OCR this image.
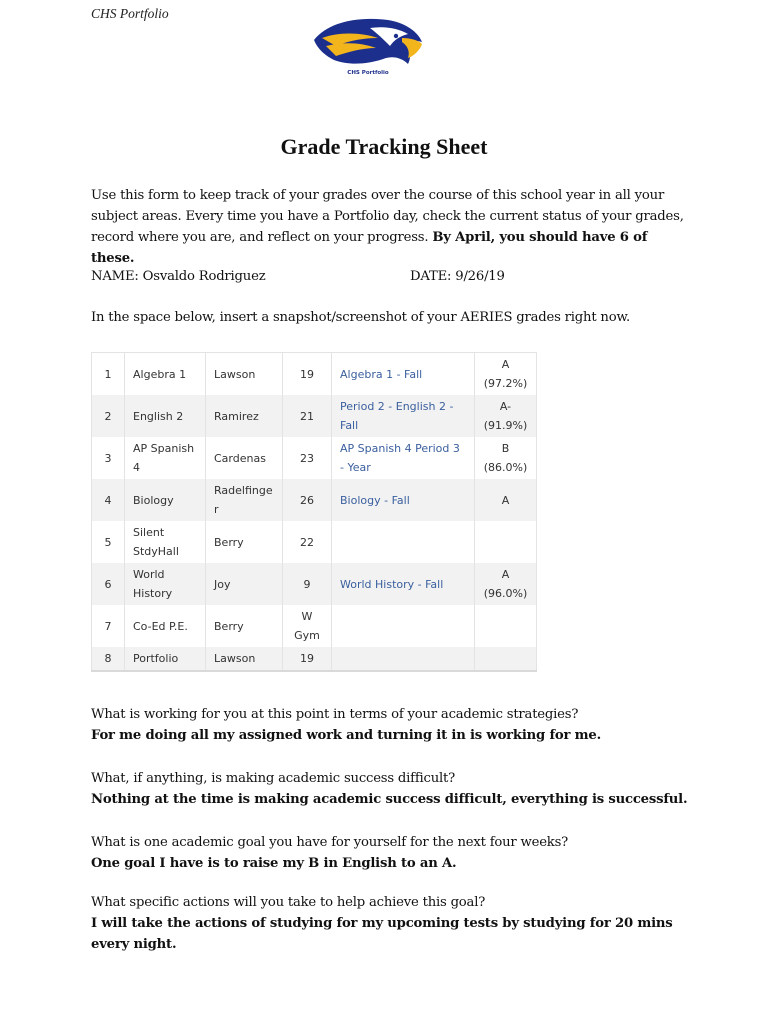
CHS Portfolio
CHS Portfolio
Grade Tracking Sheet
Use this form to keep track of your grades over the course of this school year in all your
subject areas. Every time you have a Portfolio day, check the current status of your grades,
record where you are, and reflect on your progress. By April, you should have 6 of these.
NAME: Osvaldo Rodriguez	DATE: 9/26/19
In the space below, insert a snapshot/screenshot of your AERIES grades right now.
1	Algebra 1	Lawson	19	Algebra 1 - Fall	A
(97.2%)

2	English 2	Ramirez	21	Period 2 - English 2 - Fall	A-
(91.9%)

3	AP Spanish 4	Cardenas	23	AP Spanish 4 Period 3 - Year	B
(86.0%)

4	Biology	Radelfinger	26	Biology - Fall	A

5	Silent StdyHall	Berry	22		

6	World History	Joy	9	World History - Fall	A
(96.0%)

7	Co-Ed P.E.	Berry	W Gym		

8	Portfolio	Lawson	19		
What is working for you at this point in terms of your academic strategies?
For me doing all my assigned work and turning it in is working for me.
What, if anything, is making academic success difficult?
Nothing at the time is making academic success difficult, everything is successful.
What is one academic goal you have for yourself for the next four weeks?
One goal I have is to raise my B in English to an A.
What specific actions will you take to help achieve this goal?
I will take the actions of studying for my upcoming tests by studying for 20 mins every night.
